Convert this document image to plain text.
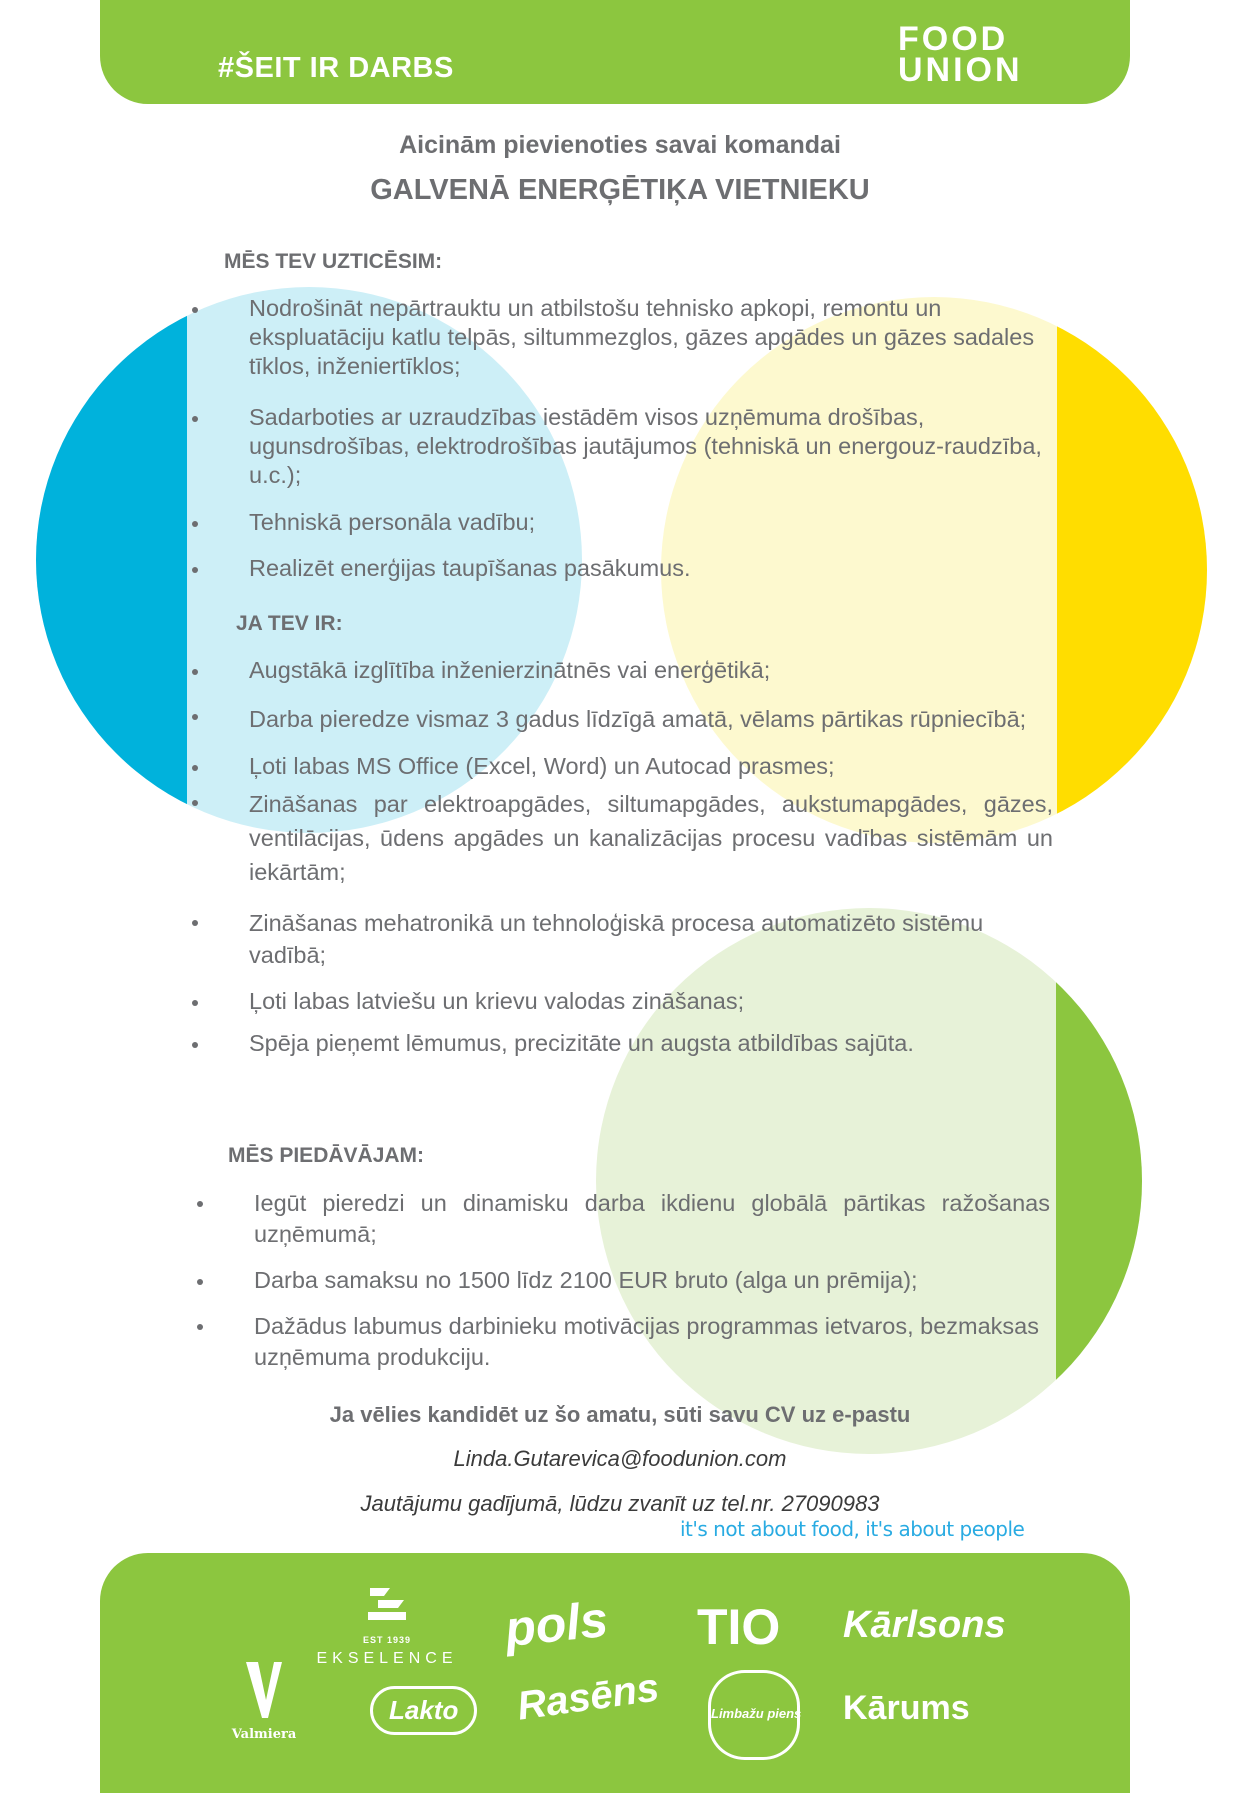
#ŠEIT IR DARBS
FOOD
UNION
Aicinām pievienoties savai komandai
GALVENĀ ENERĢĒTIĶA VIETNIEKU
MĒS TEV UZTICĒSIM:
Nodrošināt nepārtrauktu un atbilstošu tehnisko apkopi, remontu un ekspluatāciju katlu telpās, siltummezglos, gāzes apgādes un gāzes sadales tīklos, inženiertīklos;
Sadarboties ar uzraudzības iestādēm visos uzņēmuma drošības, ugunsdrošības, elektrodrošības jautājumos (tehniskā un energouz-raudzība, u.c.);
Tehniskā personāla vadību;
Realizēt enerģijas taupīšanas pasākumus.
JA TEV IR:
Augstākā izglītība inženierzinātnēs vai enerģētikā;
Darba pieredze vismaz 3 gadus līdzīgā amatā, vēlams pārtikas rūpniecībā;
Ļoti labas MS Office (Excel, Word) un Autocad prasmes;
Zināšanas par elektroapgādes, siltumapgādes, aukstumapgādes, gāzes, ventilācijas, ūdens apgādes un kanalizācijas procesu vadības sistēmām un iekārtām;
Zināšanas mehatronikā un tehnoloģiskā procesa automatizēto sistēmu vadībā;
Ļoti labas latviešu un krievu valodas zināšanas;
Spēja pieņemt lēmumus, precizitāte un augsta atbildības sajūta.
MĒS PIEDĀVĀJAM:
Iegūt pieredzi un dinamisku darba ikdienu globālā pārtikas ražošanas uzņēmumā;
Darba samaksu no 1500 līdz 2100 EUR bruto (alga un prēmija);
Dažādus labumus darbinieku motivācijas programmas ietvaros, bezmaksas uzņēmuma produkciju.
Ja vēlies kandidēt uz šo amatu, sūti savu CV uz e-pastu
Linda.Gutarevica@foodunion.com
Jautājumu gadījumā, lūdzu zvanīt uz tel.nr. 27090983
it's not about food, it's about people
EST 1939
EKSELENCE
pols TIO Kārlsons
Valmiera
Lakto	Rasēns	Limbažu piens Kārums
